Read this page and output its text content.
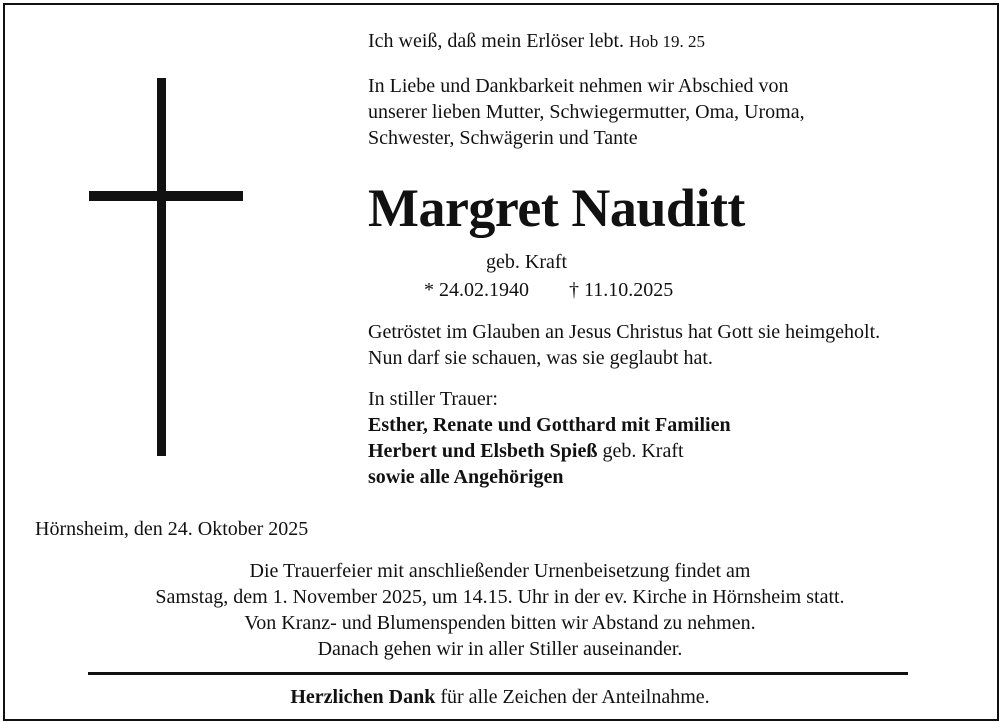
Ich weiß, daß mein Erlöser lebt. Hob 19. 25
In Liebe und Dankbarkeit nehmen wir Abschied von
unserer lieben Mutter, Schwiegermutter, Oma, Uroma,
Schwester, Schwägerin und Tante
Margret Nauditt
geb. Kraft
* 24.02.1940 † 11.10.2025
Getröstet im Glauben an Jesus Christus hat Gott sie heimgeholt.
Nun darf sie schauen, was sie geglaubt hat.
In stiller Trauer:
Esther, Renate und Gotthard mit Familien
Herbert und Elsbeth Spieß geb. Kraft
sowie alle Angehörigen
Hörnsheim, den 24. Oktober 2025
Die Trauerfeier mit anschließender Urnenbeisetzung findet am
Samstag, dem 1. November 2025, um 14.15. Uhr in der ev. Kirche in Hörnsheim statt.
Von Kranz- und Blumenspenden bitten wir Abstand zu nehmen.
Danach gehen wir in aller Stiller auseinander.
Herzlichen Dank für alle Zeichen der Anteilnahme.
